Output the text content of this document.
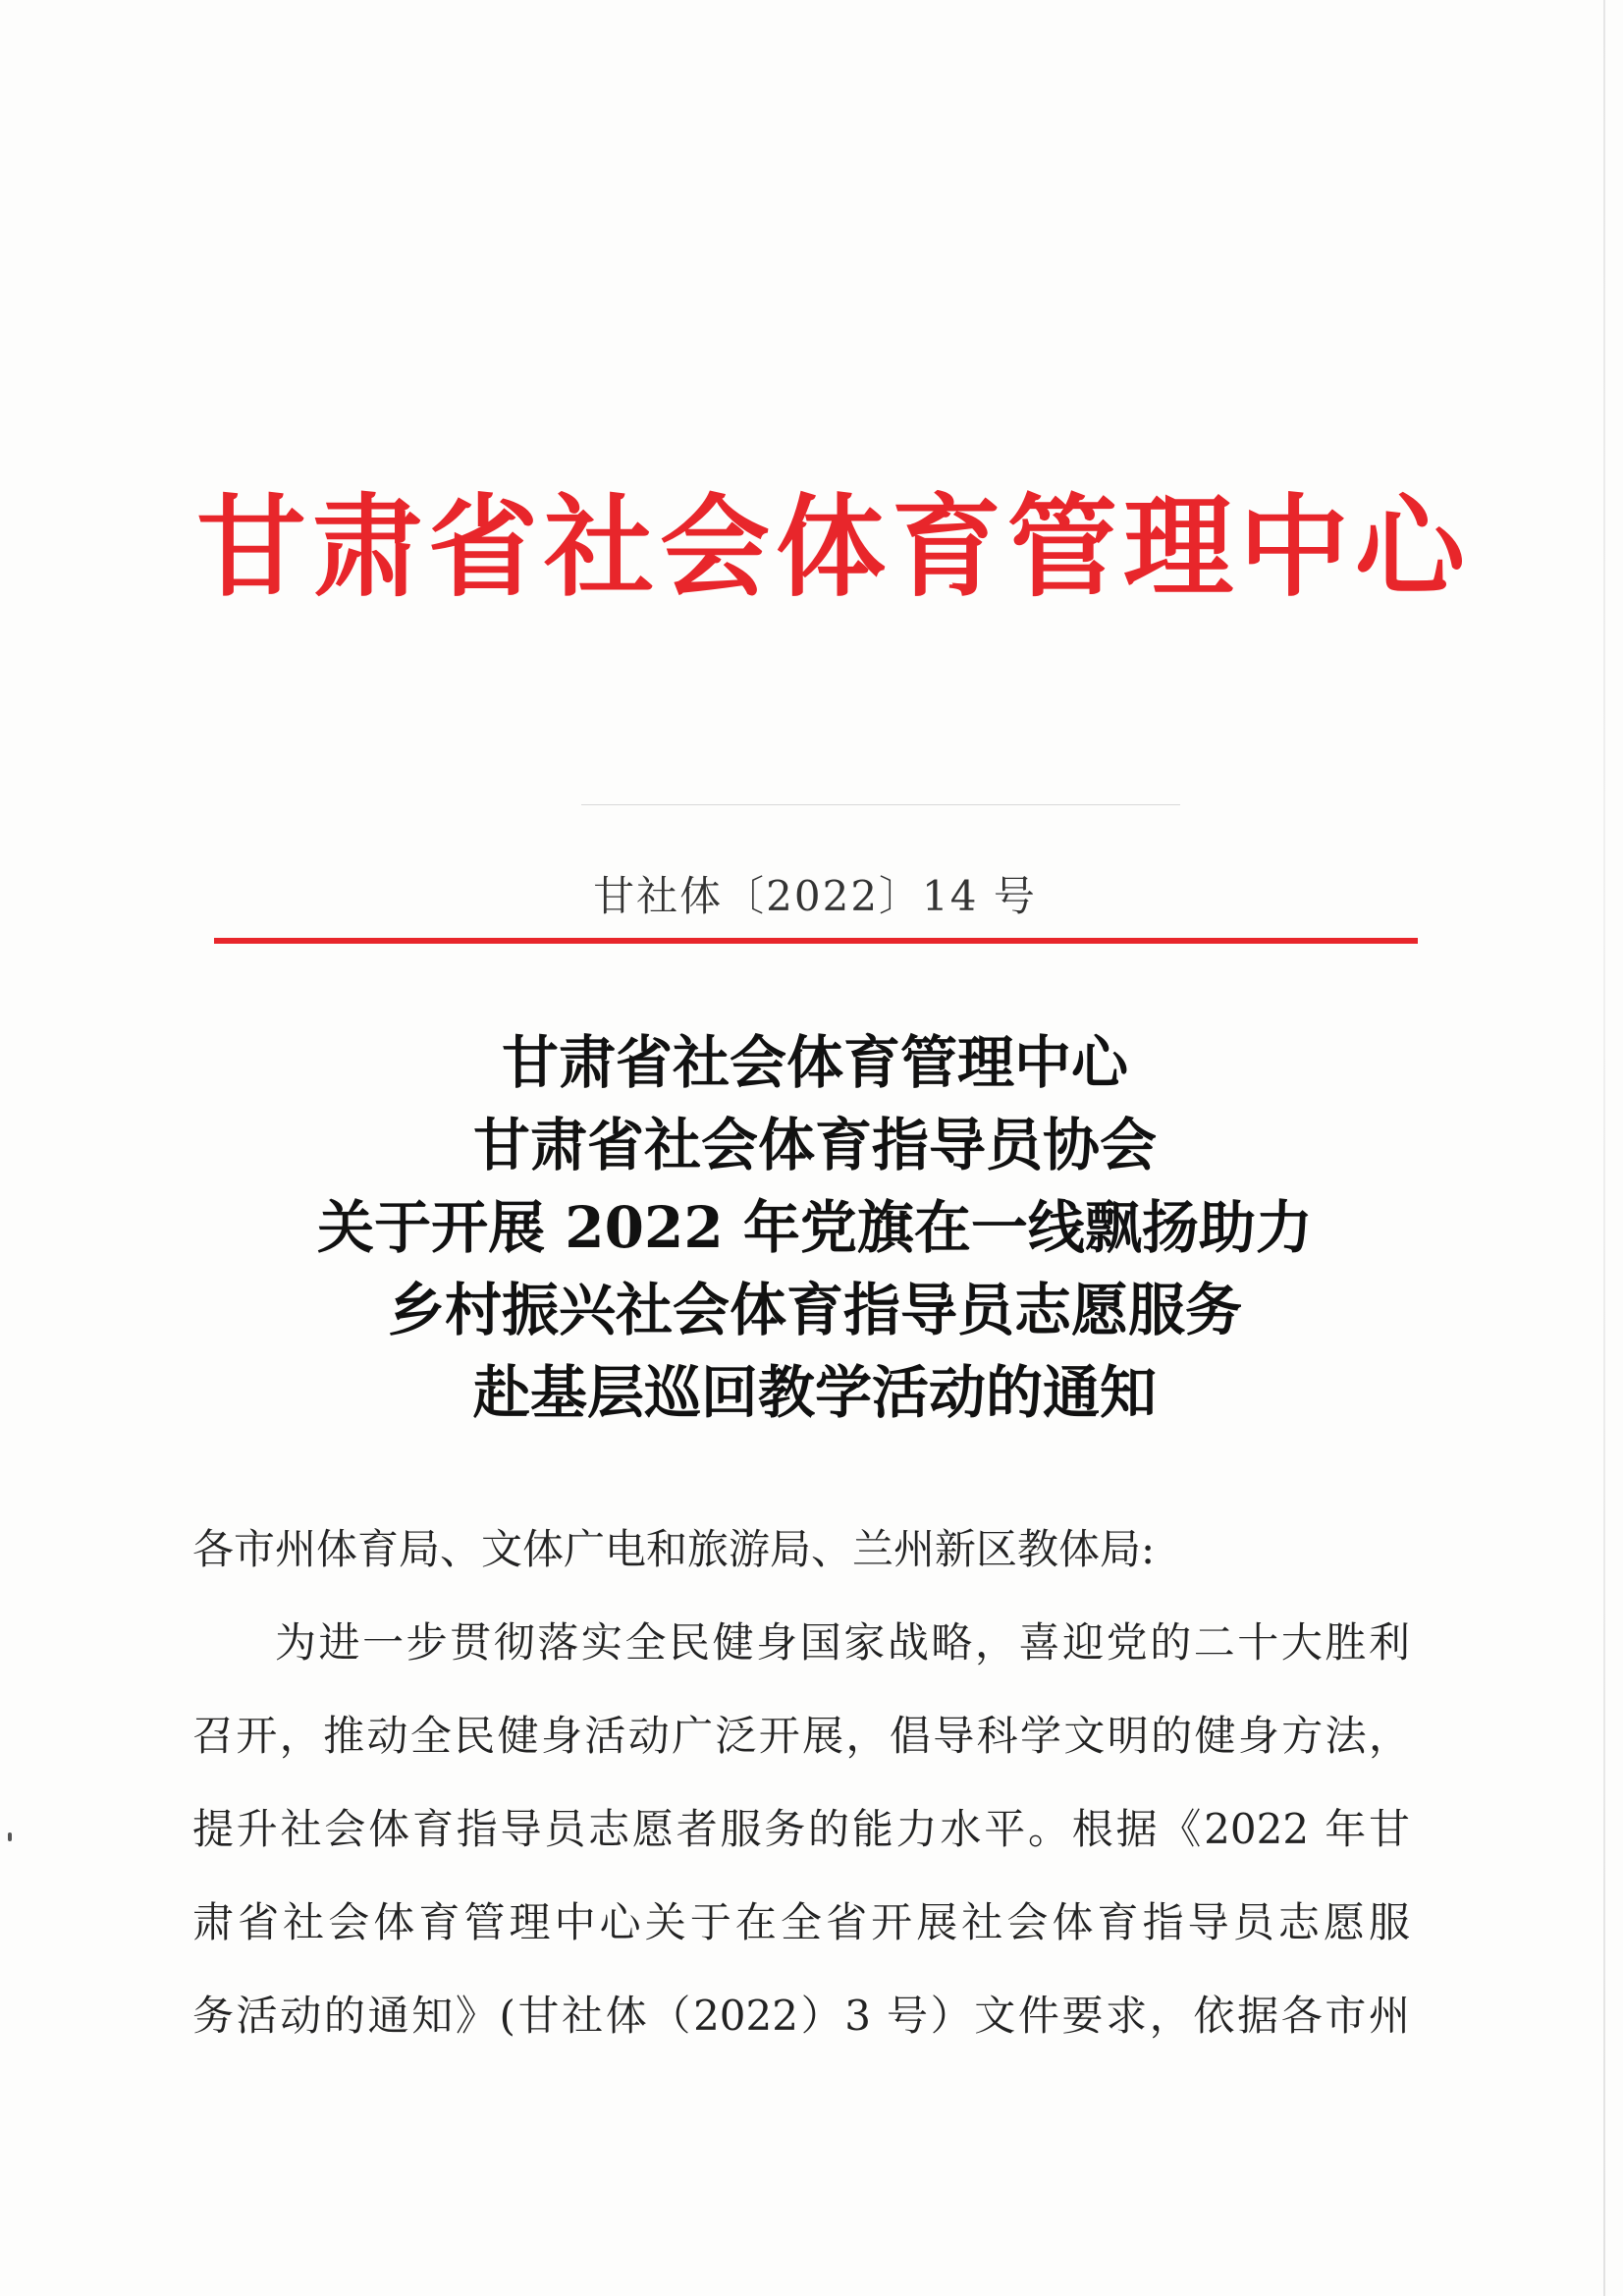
甘肃省社会体育管理中心
甘社体〔2022〕14 号
甘肃省社会体育管理中心
甘肃省社会体育指导员协会
关于开展 2022 年党旗在一线飘扬助力
乡村振兴社会体育指导员志愿服务
赴基层巡回教学活动的通知

各市州体育局、文体广电和旅游局、兰州新区教体局:

为进一步贯彻落实全民健身国家战略，喜迎党的二十大胜利

召开，推动全民健身活动广泛开展，倡导科学文明的健身方法，

提升社会体育指导员志愿者服务的能力水平。根据《2022 年甘

肃省社会体育管理中心关于在全省开展社会体育指导员志愿服

务活动的通知》(甘社体（2022）3 号）文件要求，依据各市州
